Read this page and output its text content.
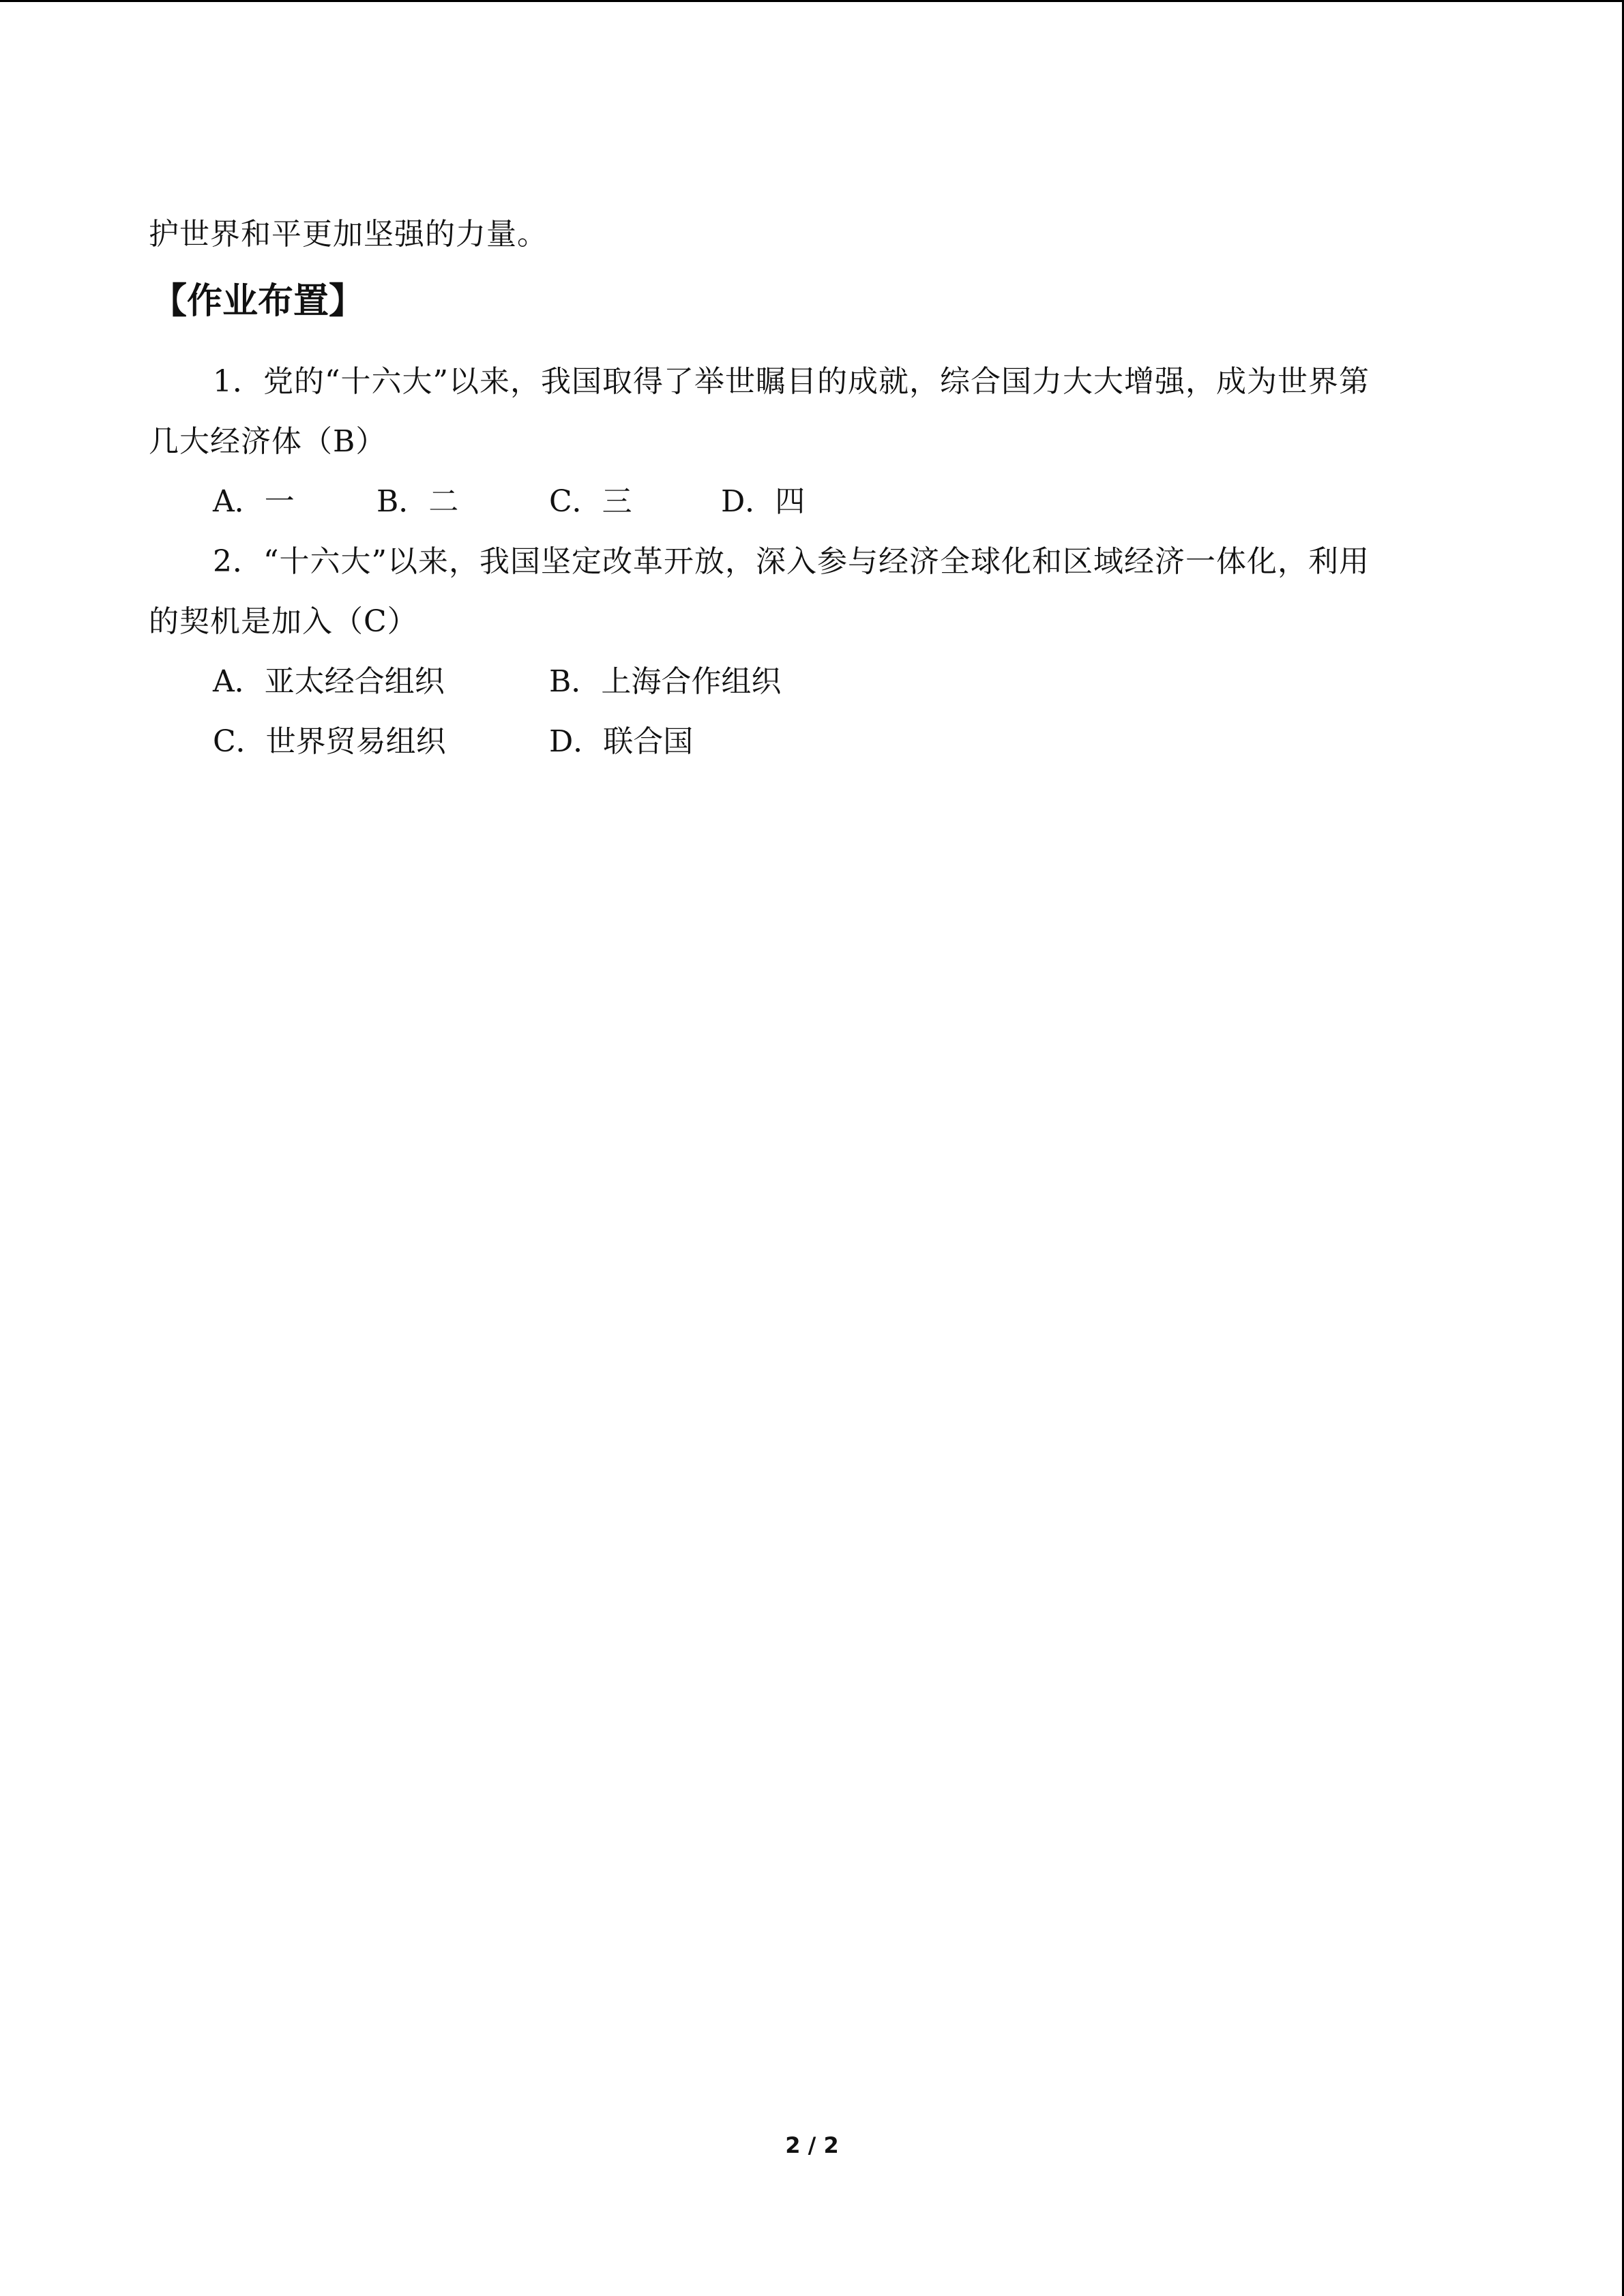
护世界和平更加坚强的力量。
【作业布置】
1．党的“十六大”以来，我国取得了举世瞩目的成就，综合国力大大增强，成为世界第
几大经济体（B）
A．一	B．二	C．三	D．四
2．“十六大”以来，我国坚定改革开放，深入参与经济全球化和区域经济一体化，利用
的契机是加入（C）
A．亚太经合组织	B．上海合作组织
C．世界贸易组织	D．联合国
2 / 2
